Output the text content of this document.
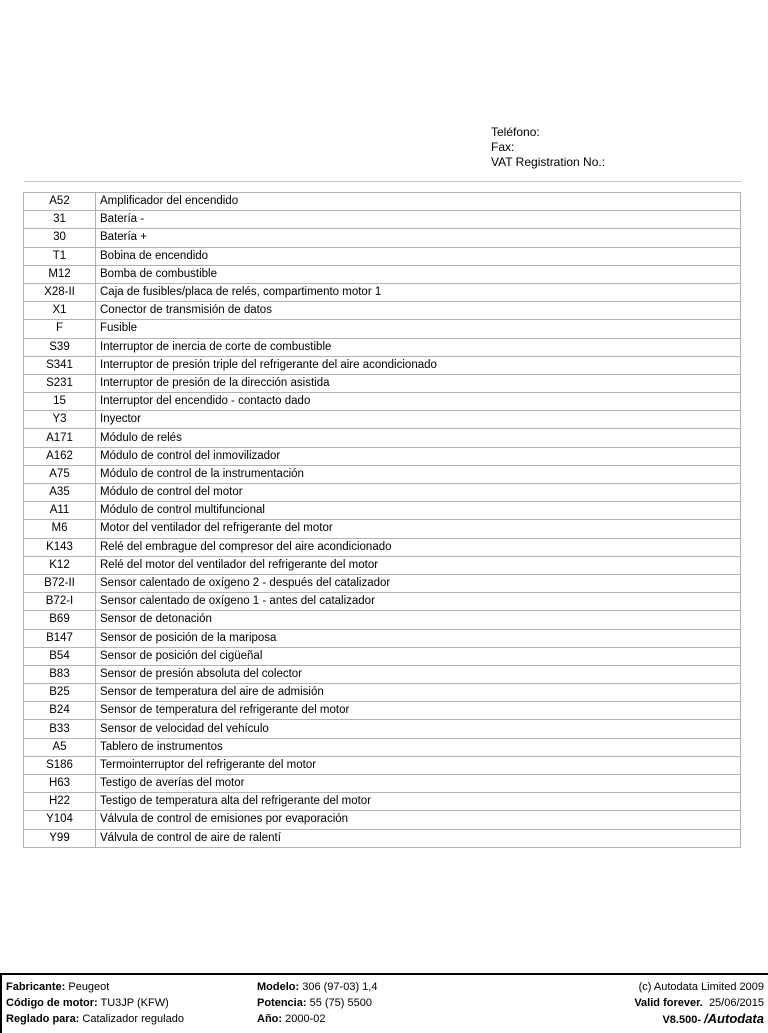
Teléfono:
Fax:
VAT Registration No.:
A52	Amplificador del encendido
31	Batería -
30	Batería +
T1	Bobina de encendido
M12	Bomba de combustible
X28-II	Caja de fusibles/placa de relés, compartimento motor 1
X1	Conector de transmisión de datos
F	Fusible
S39	Interruptor de inercia de corte de combustible
S341	Interruptor de presión triple del refrigerante del aire acondicionado
S231	Interruptor de presión de la dirección asistida
15	Interruptor del encendido - contacto dado
Y3	Inyector
A171	Módulo de relés
A162	Módulo de control del inmovilizador
A75	Módulo de control de la instrumentación
A35	Módulo de control del motor
A11	Módulo de control multifuncional
M6	Motor del ventilador del refrigerante del motor
K143	Relé del embrague del compresor del aire acondicionado
K12	Relé del motor del ventilador del refrigerante del motor
B72-II	Sensor calentado de oxígeno 2 - después del catalizador
B72-I	Sensor calentado de oxígeno 1 - antes del catalizador
B69	Sensor de detonación
B147	Sensor de posición de la mariposa
B54	Sensor de posición del cigüeñal
B83	Sensor de presión absoluta del colector
B25	Sensor de temperatura del aire de admisión
B24	Sensor de temperatura del refrigerante del motor
B33	Sensor de velocidad del vehículo
A5	Tablero de instrumentos
S186	Termointerruptor del refrigerante del motor
H63	Testigo de averías del motor
H22	Testigo de temperatura alta del refrigerante del motor
Y104	Válvula de control de emisiones por evaporación
Y99	Válvula de control de aire de ralentí
Fabricante: Peugeot
Código de motor: TU3JP (KFW)
Reglado para: Catalizador regulado
Modelo: 306 (97-03) 1,4
Potencia: 55 (75) 5500
Año: 2000-02
(c) Autodata Limited 2009
Valid forever. 25/06/2015
V8.500- /Autodata
